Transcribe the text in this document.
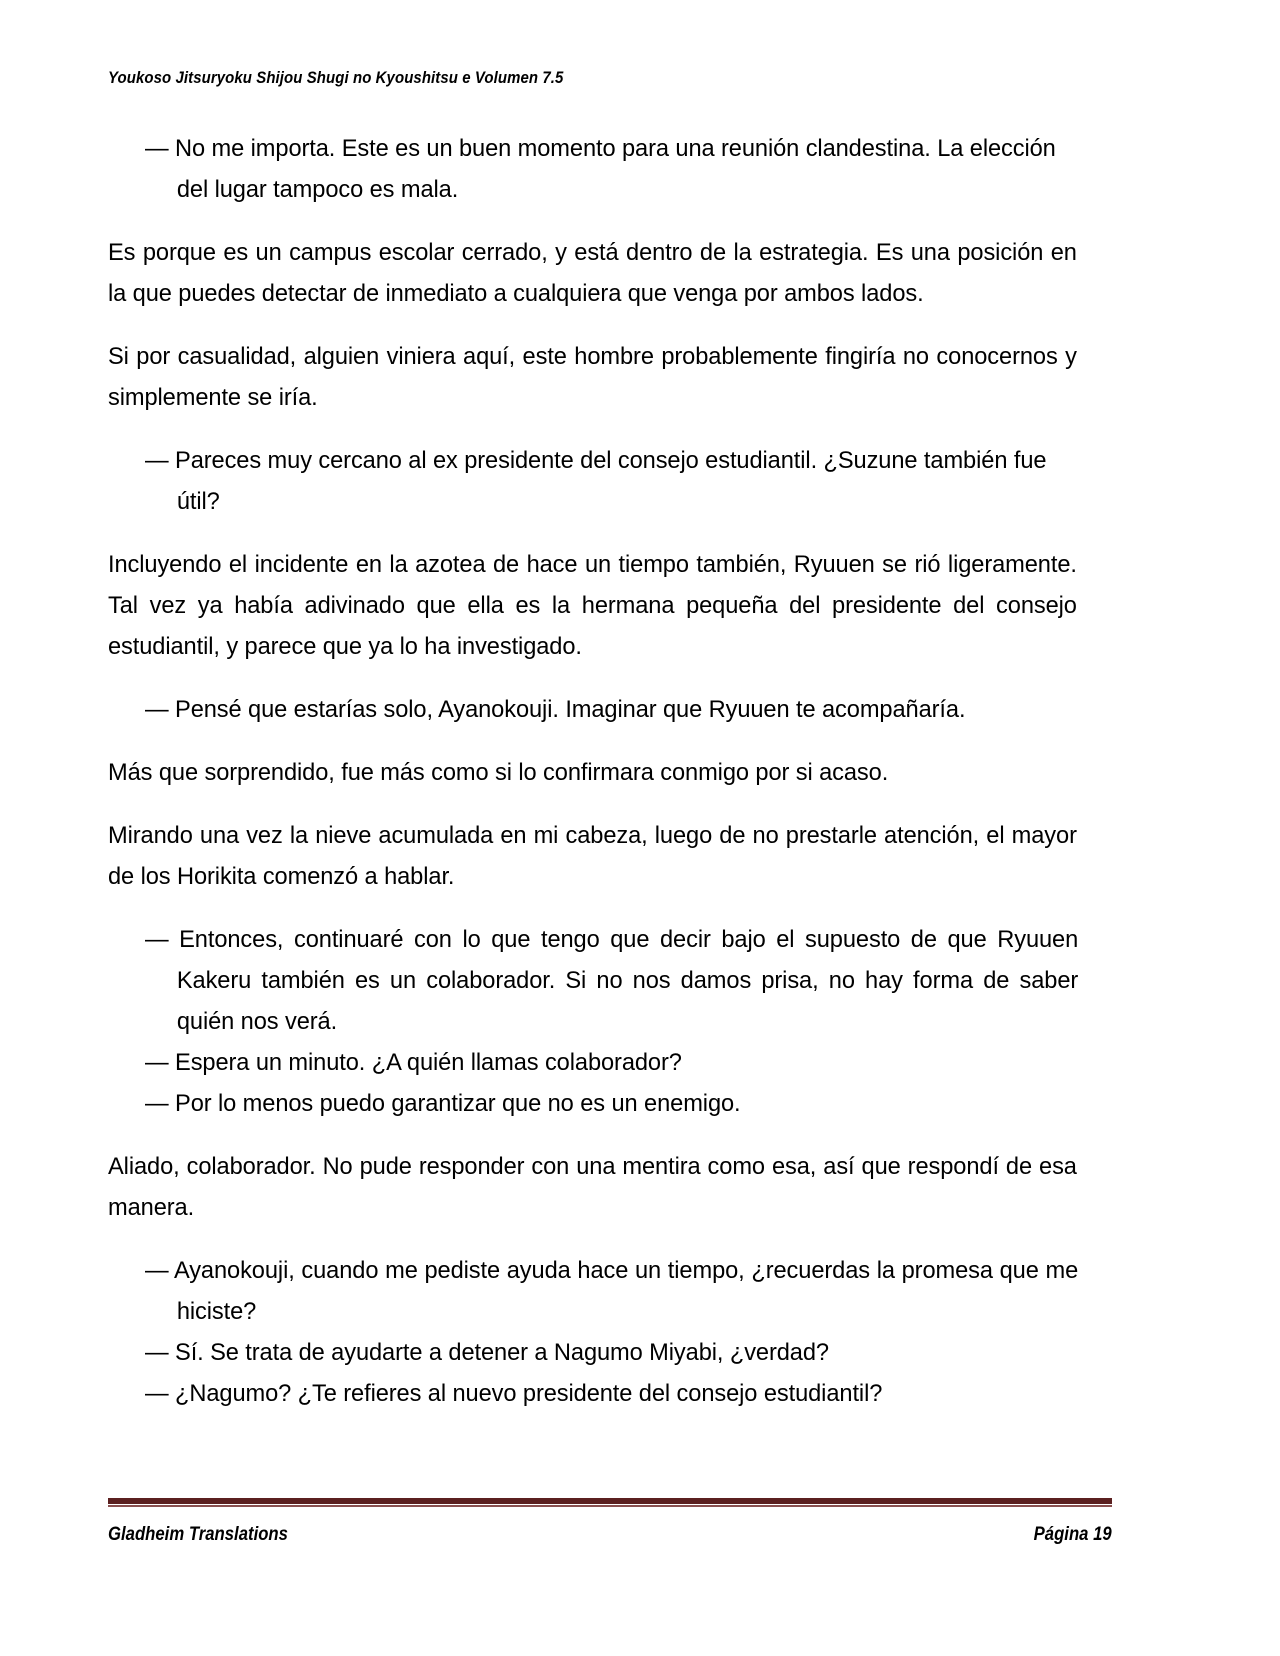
Youkoso Jitsuryoku Shijou Shugi no Kyoushitsu e Volumen 7.5
— No me importa. Este es un buen momento para una reunión clandestina. La elección del lugar tampoco es mala.

Es porque es un campus escolar cerrado, y está dentro de la estrategia. Es una posición en la que puedes detectar de inmediato a cualquiera que venga por ambos lados.

Si por casualidad, alguien viniera aquí, este hombre probablemente fingiría no conocernos y simplemente se iría.

— Pareces muy cercano al ex presidente del consejo estudiantil. ¿Suzune también fue útil?

Incluyendo el incidente en la azotea de hace un tiempo también, Ryuuen se rió ligeramente. Tal vez ya había adivinado que ella es la hermana pequeña del presidente del consejo estudiantil, y parece que ya lo ha investigado.

— Pensé que estarías solo, Ayanokouji. Imaginar que Ryuuen te acompañaría.

Más que sorprendido, fue más como si lo confirmara conmigo por si acaso.

Mirando una vez la nieve acumulada en mi cabeza, luego de no prestarle atención, el mayor de los Horikita comenzó a hablar.

— Entonces, continuaré con lo que tengo que decir bajo el supuesto de que Ryuuen Kakeru también es un colaborador. Si no nos damos prisa, no hay forma de saber quién nos verá.
— Espera un minuto. ¿A quién llamas colaborador?
— Por lo menos puedo garantizar que no es un enemigo.

Aliado, colaborador. No pude responder con una mentira como esa, así que respondí de esa manera.

— Ayanokouji, cuando me pediste ayuda hace un tiempo, ¿recuerdas la promesa que me hiciste?
— Sí. Se trata de ayudarte a detener a Nagumo Miyabi, ¿verdad?
— ¿Nagumo? ¿Te refieres al nuevo presidente del consejo estudiantil?
Gladheim Translations	Página 19
